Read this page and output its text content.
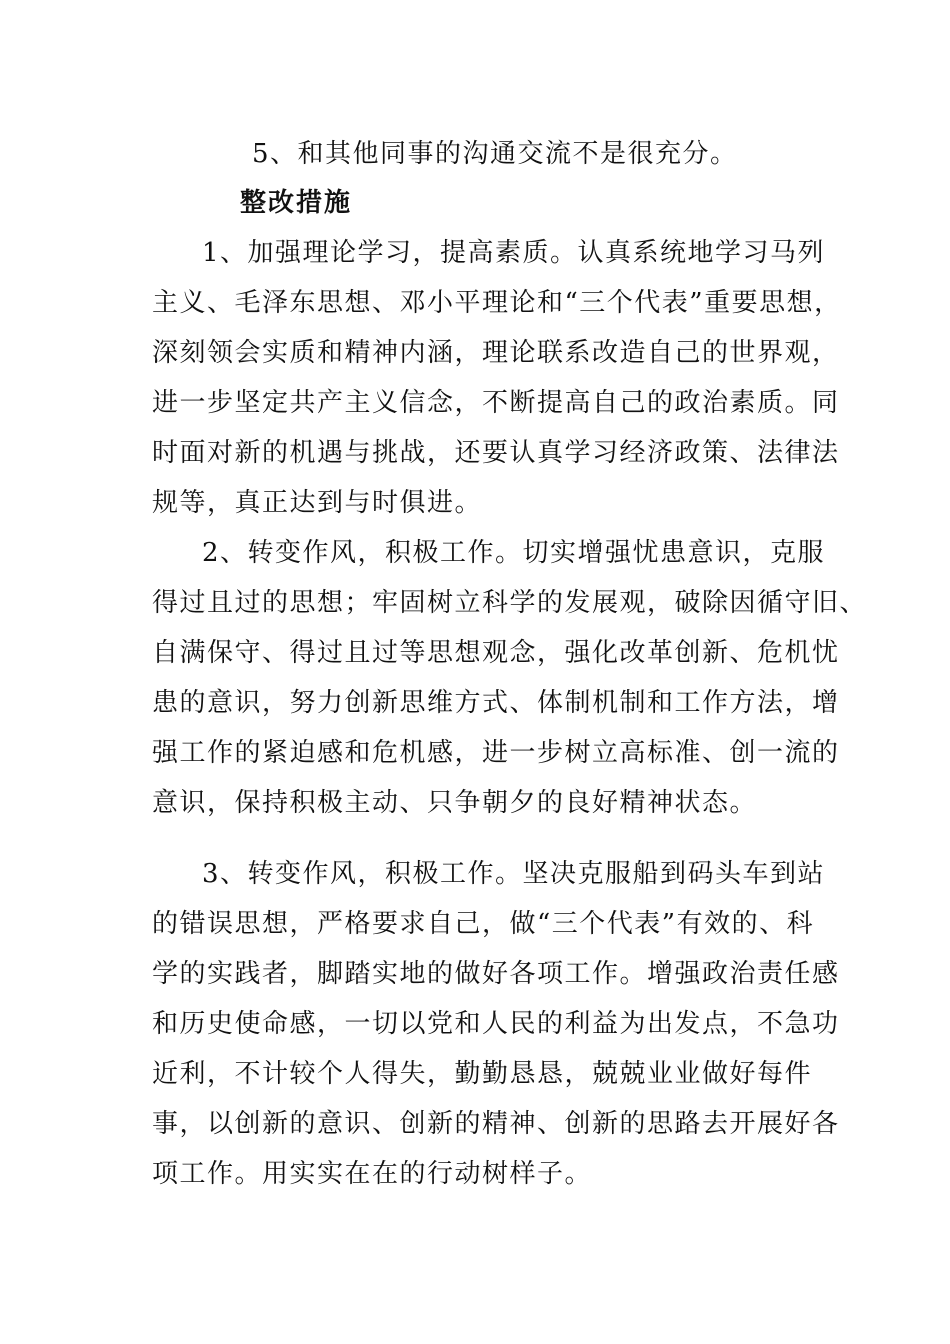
5、和其他同事的沟通交流不是很充分。
整改措施
1、加强理论学习，提高素质。认真系统地学习马列
主义、毛泽东思想、邓小平理论和“三个代表”重要思想，
深刻领会实质和精神内涵，理论联系改造自己的世界观，
进一步坚定共产主义信念，不断提高自己的政治素质。同
时面对新的机遇与挑战，还要认真学习经济政策、法律法
规等，真正达到与时俱进。
2、转变作风，积极工作。切实增强忧患意识，克服
得过且过的思想；牢固树立科学的发展观，破除因循守旧、
自满保守、得过且过等思想观念，强化改革创新、危机忧
患的意识，努力创新思维方式、体制机制和工作方法，增
强工作的紧迫感和危机感，进一步树立高标准、创一流的
意识，保持积极主动、只争朝夕的良好精神状态。
3、转变作风，积极工作。坚决克服船到码头车到站
的错误思想，严格要求自己，做“三个代表”有效的、科
学的实践者，脚踏实地的做好各项工作。增强政治责任感
和历史使命感，一切以党和人民的利益为出发点，不急功
近利，不计较个人得失，勤勤恳恳，兢兢业业做好每件
事，以创新的意识、创新的精神、创新的思路去开展好各
项工作。用实实在在的行动树样子。
